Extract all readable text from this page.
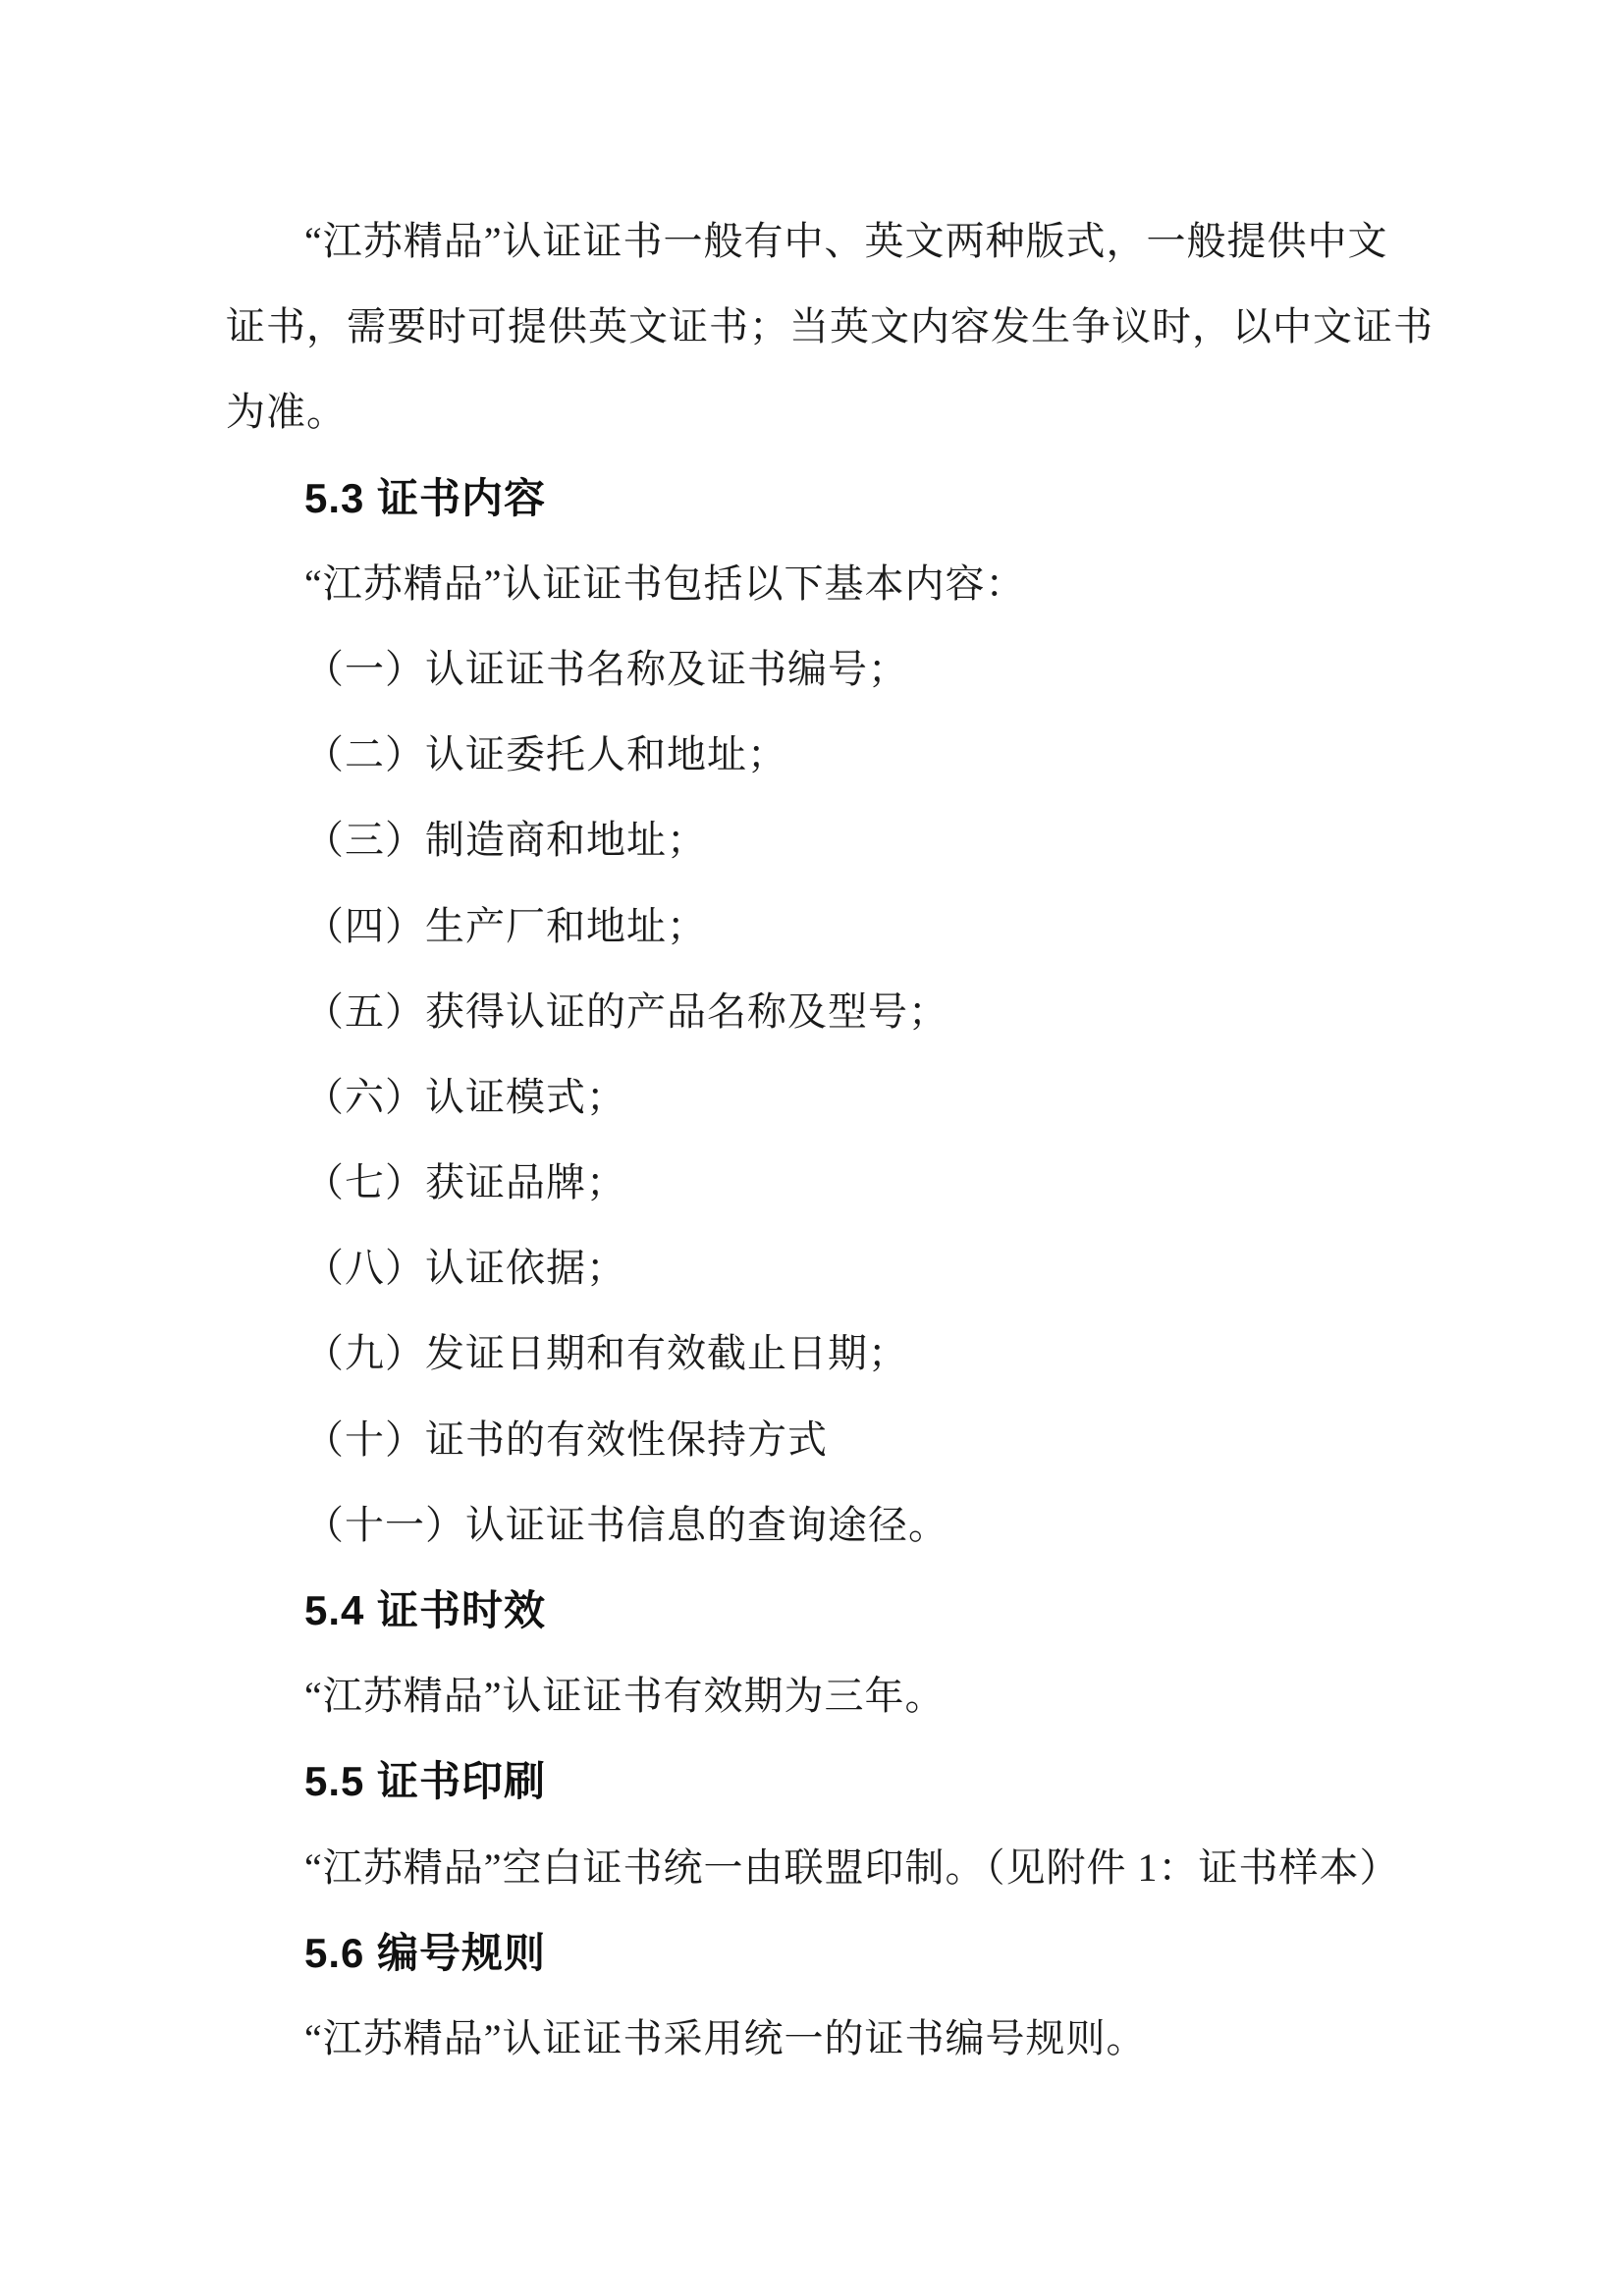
“江苏精品”认证证书一般有中、英文两种版式，一般提供中文
证书，需要时可提供英文证书；当英文内容发生争议时，以中文证书
为准。
5.3 证书内容
“江苏精品”认证证书包括以下基本内容：
（一）认证证书名称及证书编号；
（二）认证委托人和地址；
（三）制造商和地址；
（四）生产厂和地址；
（五）获得认证的产品名称及型号；
（六）认证模式；
（七）获证品牌；
（八）认证依据；
（九）发证日期和有效截止日期；
（十）证书的有效性保持方式
（十一）认证证书信息的查询途径。
5.4 证书时效
“江苏精品”认证证书有效期为三年。
5.5 证书印刷
“江苏精品”空白证书统一由联盟印制。（见附件 1：证书样本）
5.6 编号规则
“江苏精品”认证证书采用统一的证书编号规则。
